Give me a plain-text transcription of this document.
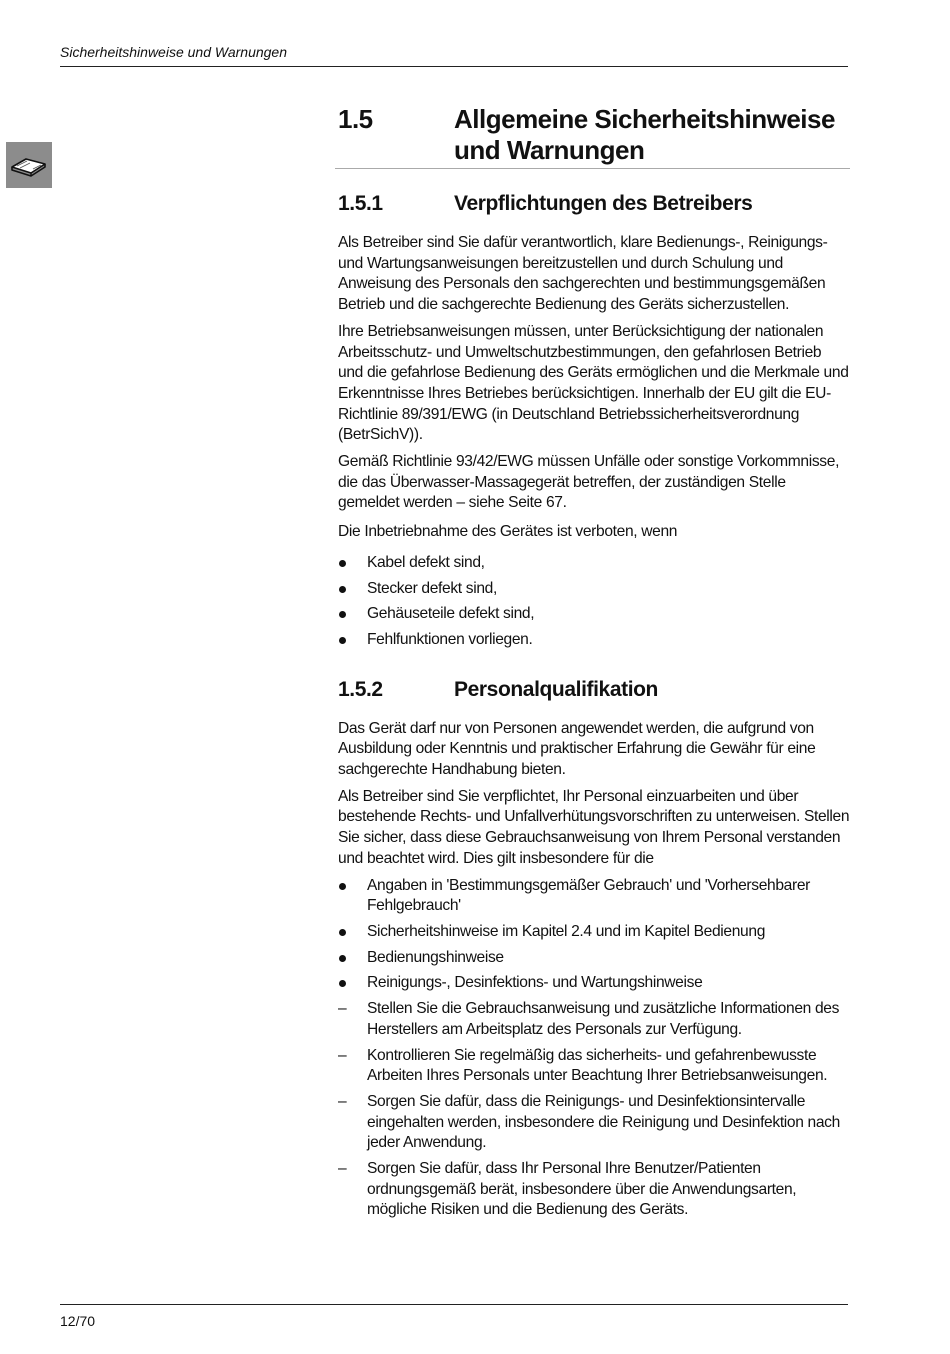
Sicherheitshinweise und Warnungen
1.5	Allgemeine Sicherheitshinweise und Warnungen
1.5.1	Verpflichtungen des Betreibers

Als Betreiber sind Sie dafür verantwortlich, klare Bedienungs-, Reinigungs- und Wartungsanweisungen bereitzustellen und durch Schulung und Anweisung des Personals den sachgerechten und bestimmungsgemäßen Betrieb und die sachgerechte Bedienung des Geräts sicherzustellen.

Ihre Betriebsanweisungen müssen, unter Berücksichtigung der nationalen Arbeitsschutz- und Umweltschutzbestimmungen, den gefahrlosen Betrieb und die gefahrlose Bedienung des Geräts ermöglichen und die Merkmale und Erkenntnisse Ihres Betriebes berücksichtigen. Innerhalb der EU gilt die EU-Richtlinie 89/391/EWG (in Deutschland Betriebssicherheitsverordnung (BetrSichV)).

Gemäß Richtlinie 93/42/EWG müssen Unfälle oder sonstige Vorkommnisse, die das Überwasser-Massagegerät betreffen, der zuständigen Stelle gemeldet werden – siehe Seite 67.

Die Inbetriebnahme des Gerätes ist verboten, wenn

Kabel defekt sind,
Stecker defekt sind,
Gehäuseteile defekt sind,
Fehlfunktionen vorliegen.
1.5.2	Personalqualifikation

Das Gerät darf nur von Personen angewendet werden, die aufgrund von Ausbildung oder Kenntnis und praktischer Erfahrung die Gewähr für eine sachgerechte Handhabung bieten.

Als Betreiber sind Sie verpflichtet, Ihr Personal einzuarbeiten und über bestehende Rechts- und Unfallverhütungsvorschriften zu unterweisen. Stellen Sie sicher, dass diese Gebrauchsanweisung von Ihrem Personal verstanden und beachtet wird. Dies gilt insbesondere für die

Angaben in 'Bestimmungsgemäßer Gebrauch' und 'Vorhersehbarer Fehlgebrauch'
Sicherheitshinweise im Kapitel 2.4 und im Kapitel Bedienung
Bedienungshinweise
Reinigungs-, Desinfektions- und Wartungshinweise
– Stellen Sie die Gebrauchsanweisung und zusätzliche Informationen des Herstellers am Arbeitsplatz des Personals zur Verfügung.
– Kontrollieren Sie regelmäßig das sicherheits- und gefahrenbewusste Arbeiten Ihres Personals unter Beachtung Ihrer Betriebsanweisungen.
– Sorgen Sie dafür, dass die Reinigungs- und Desinfektionsintervalle eingehalten werden, insbesondere die Reinigung und Desinfektion nach jeder Anwendung.
– Sorgen Sie dafür, dass Ihr Personal Ihre Benutzer/Patienten ordnungsgemäß berät, insbesondere über die Anwendungsarten, mögliche Risiken und die Bedienung des Geräts.
12/70
